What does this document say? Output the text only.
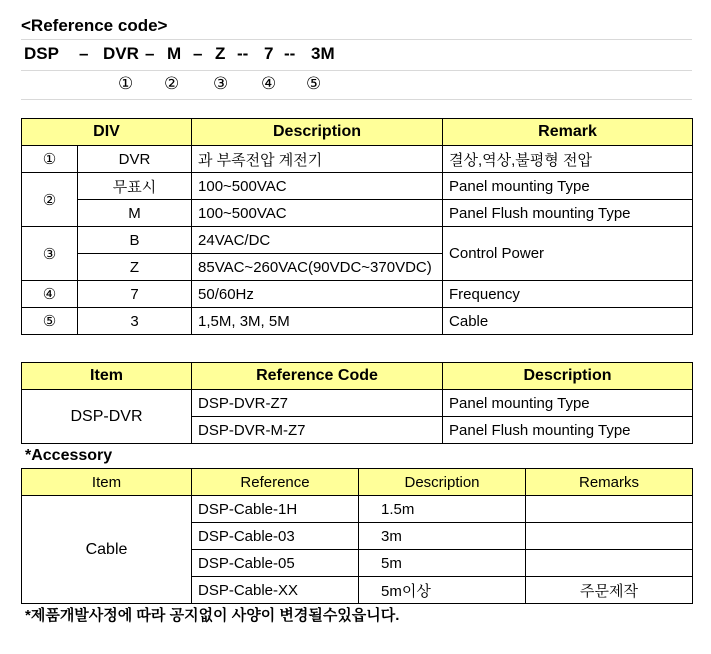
<Reference code>
DSP – DVR – M – Z -- 7 -- 3M
① ② ③ ④ ⑤
DIV		Description	Remark
①	DVR	과 부족전압 계전기	결상,역상,불평형 전압
②	무표시	100~500VAC	Panel mounting Type
	M	100~500VAC	Panel Flush mounting Type
③	B	24VAC/DC	Control Power
	Z	85VAC~260VAC(90VDC~370VDC)	
④	7	50/60Hz	Frequency
⑤	3	1,5M, 3M, 5M	Cable
Item	Reference Code	Description
DSP-DVR	DSP-DVR-Z7	Panel mounting Type
	DSP-DVR-M-Z7	Panel Flush mounting Type
*Accessory
Item	Reference	Description	Remarks
Cable	DSP-Cable-1H	1.5m	
	DSP-Cable-03	3m	
	DSP-Cable-05	5m	
	DSP-Cable-XX	5m이상	주문제작
*제품개발사정에 따라 공지없이 사양이 변경될수있읍니다.
